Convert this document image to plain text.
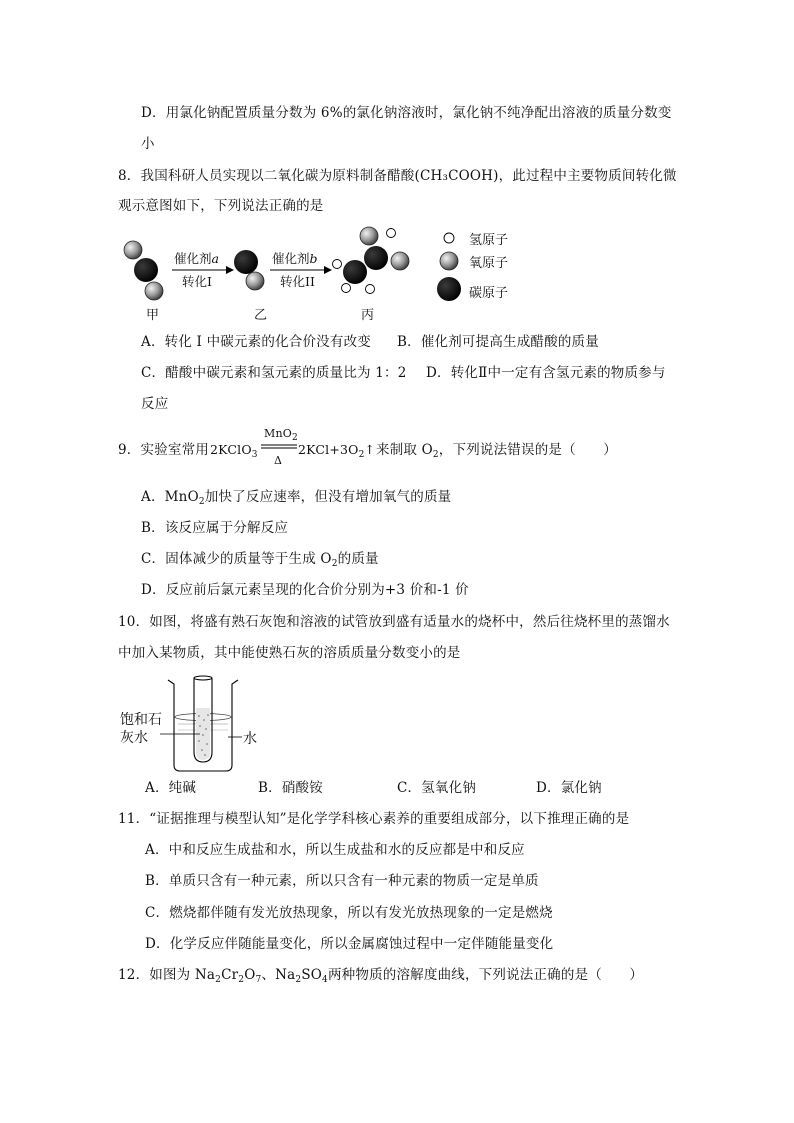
D．用氯化钠配置质量分数为 6%的氯化钠溶液时，氯化钠不纯净配出溶液的质量分数变
小
8．我国科研人员实现以二氧化碳为原料制备醋酸(CH₃COOH)，此过程中主要物质间转化微
观示意图如下，下列说法正确的是
催化剂a
转化I
催化剂b
转化II
甲	乙	丙
氢原子
氧原子
碳原子
A．转化 I 中碳元素的化合价没有改变 B．催化剂可提高生成醋酸的质量
C．醋酸中碳元素和氢元素的质量比为 1：2 D．转化Ⅱ中一定有含氢元素的物质参与
反应
9．实验室常用 2KClO$_3$
MnO$_2$
Δ
$2KCl+3O_2↑$ 来制取 $O_2$，下列说法错误的是（　　）
A．MnO$_2$加快了反应速率，但没有增加氧气的质量
B．该反应属于分解反应
C．固体减少的质量等于生成 $O_2$的质量
D．反应前后氯元素呈现的化合价分别为+3 价和-1 价
10．如图，将盛有熟石灰饱和溶液的试管放到盛有适量水的烧杯中，然后往烧杯里的蒸馏水
中加入某物质，其中能使熟石灰的溶质质量分数变小的是
饱和石
灰水	水
A．纯碱	B．硝酸铵	C．氢氧化钠	D．氯化钠
11．“证据推理与模型认知”是化学学科核心素养的重要组成部分，以下推理正确的是
A．中和反应生成盐和水，所以生成盐和水的反应都是中和反应
B．单质只含有一种元素，所以只含有一种元素的物质一定是单质
C．燃烧都伴随有发光放热现象，所以有发光放热现象的一定是燃烧
D．化学反应伴随能量变化，所以金属腐蚀过程中一定伴随能量变化
12．如图为 $Na_2Cr_2O_7$、$Na_2SO_4$两种物质的溶解度曲线，下列说法正确的是（　　）
